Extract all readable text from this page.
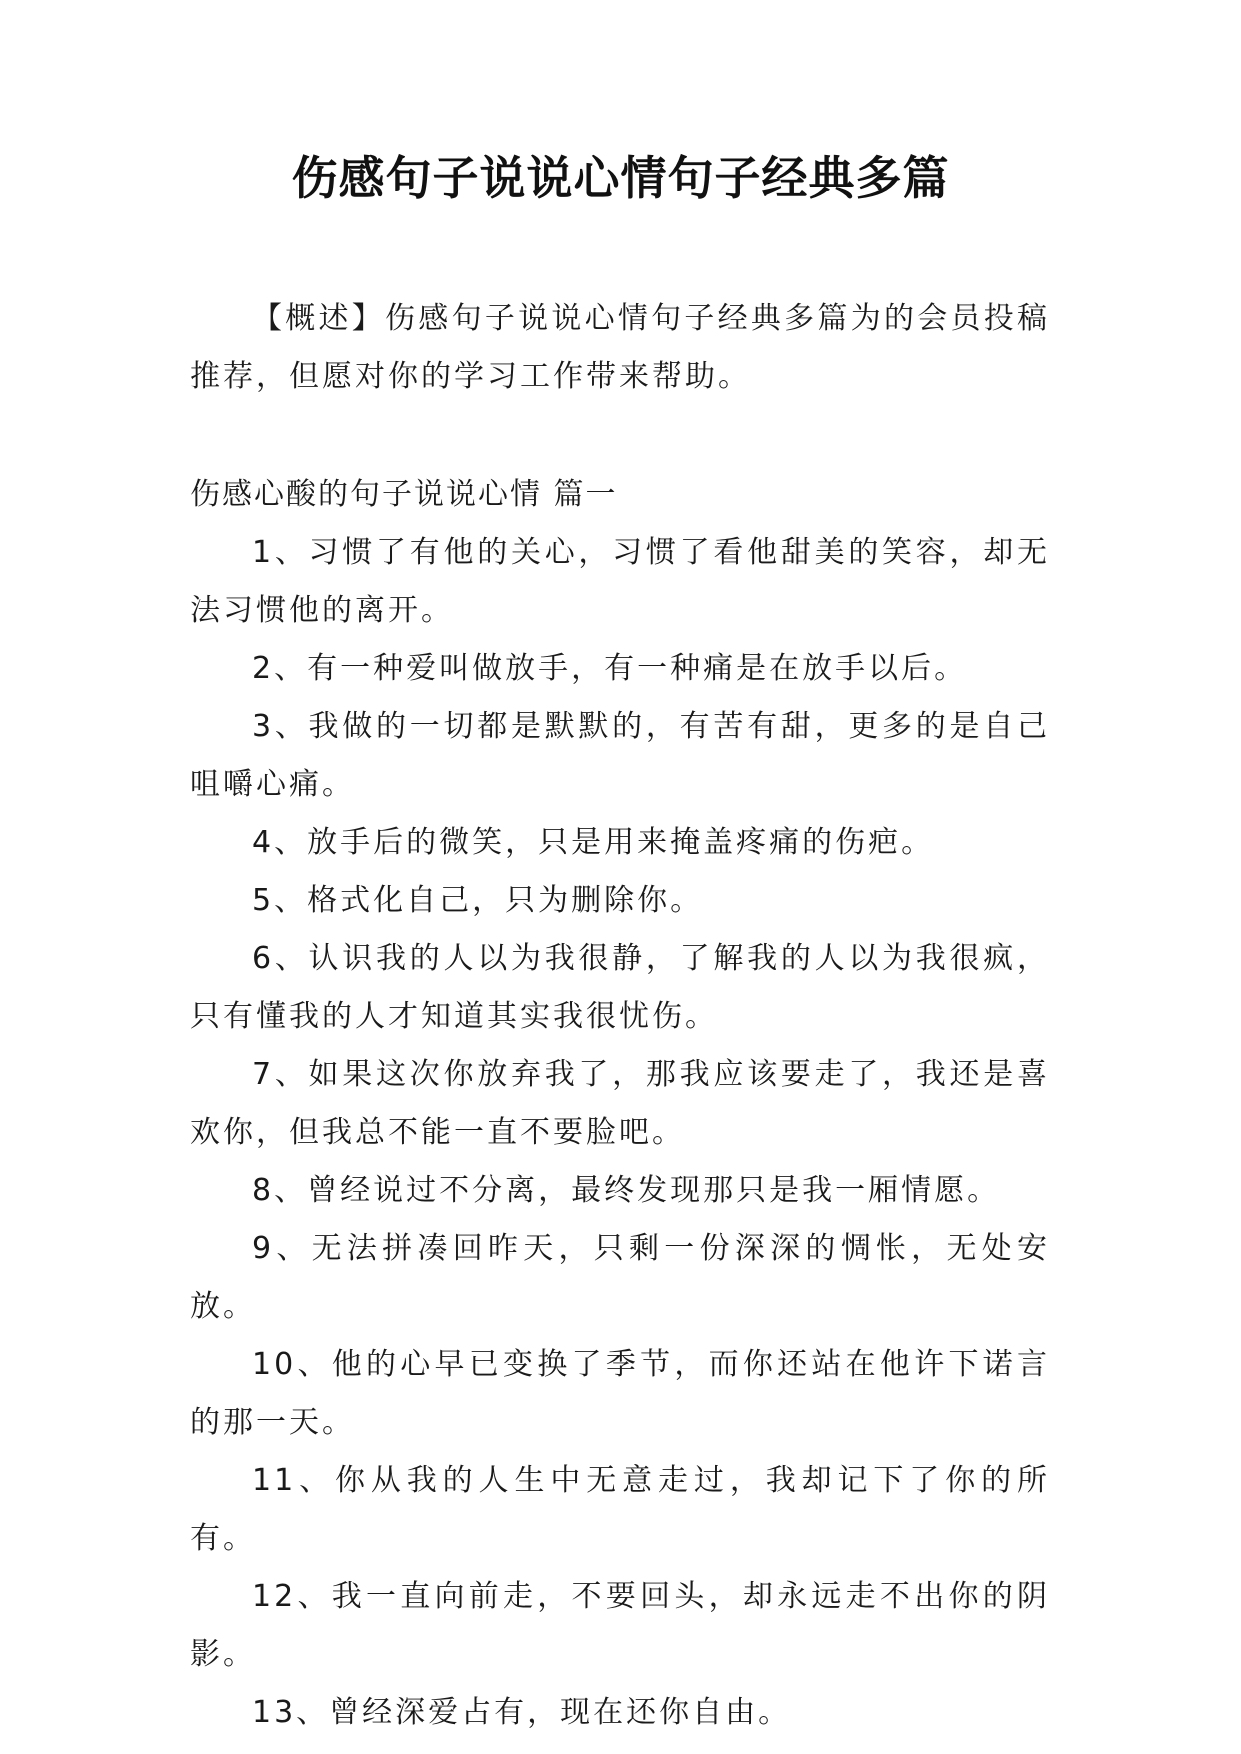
伤感句子说说心情句子经典多篇

【概述】伤感句子说说心情句子经典多篇为的会员投稿推荐，但愿对你的学习工作带来帮助。

伤感心酸的句子说说心情 篇一

1、习惯了有他的关心，习惯了看他甜美的笑容，却无法习惯他的离开。

2、有一种爱叫做放手，有一种痛是在放手以后。

3、我做的一切都是默默的，有苦有甜，更多的是自己咀嚼心痛。

4、放手后的微笑，只是用来掩盖疼痛的伤疤。

5、格式化自己，只为删除你。

6、认识我的人以为我很静，了解我的人以为我很疯，只有懂我的人才知道其实我很忧伤。

7、如果这次你放弃我了，那我应该要走了，我还是喜欢你，但我总不能一直不要脸吧。

8、曾经说过不分离，最终发现那只是我一厢情愿。

9、无法拼凑回昨天，只剩一份深深的惆怅，无处安放。

10、他的心早已变换了季节，而你还站在他许下诺言的那一天。

11、你从我的人生中无意走过，我却记下了你的所有。

12、我一直向前走，不要回头，却永远走不出你的阴影。

13、曾经深爱占有，现在还你自由。
